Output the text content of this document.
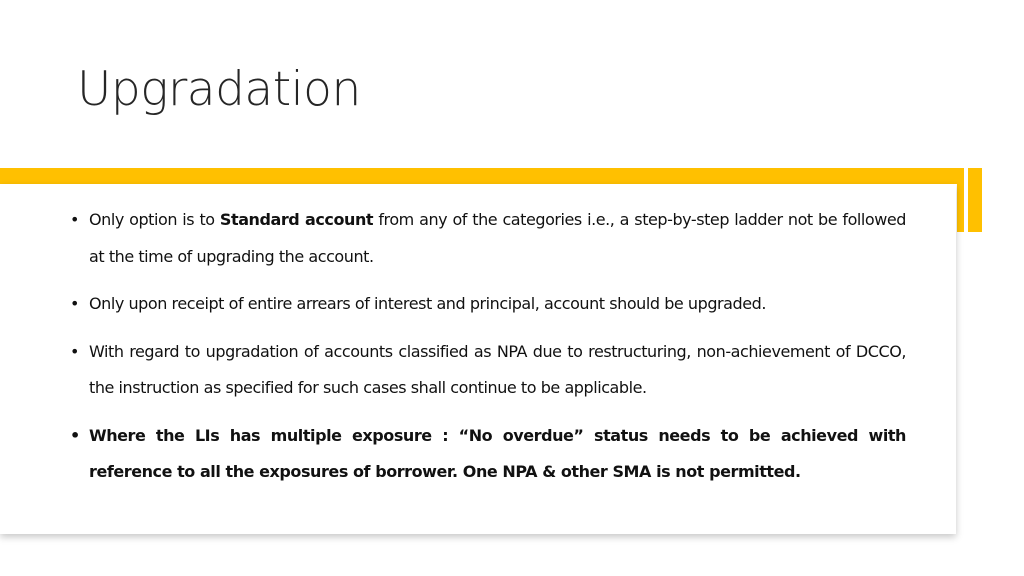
Upgradation
• Only option is to Standard account from any of the categories i.e., a step-by-step ladder not be followed at the time of upgrading the account.
• Only upon receipt of entire arrears of interest and principal, account should be upgraded.
• With regard to upgradation of accounts classified as NPA due to restructuring, non-achievement of DCCO, the instruction as specified for such cases shall continue to be applicable.
• Where the LIs has multiple exposure : “No overdue” status needs to be achieved with reference to all the exposures of borrower. One NPA & other SMA is not permitted.
